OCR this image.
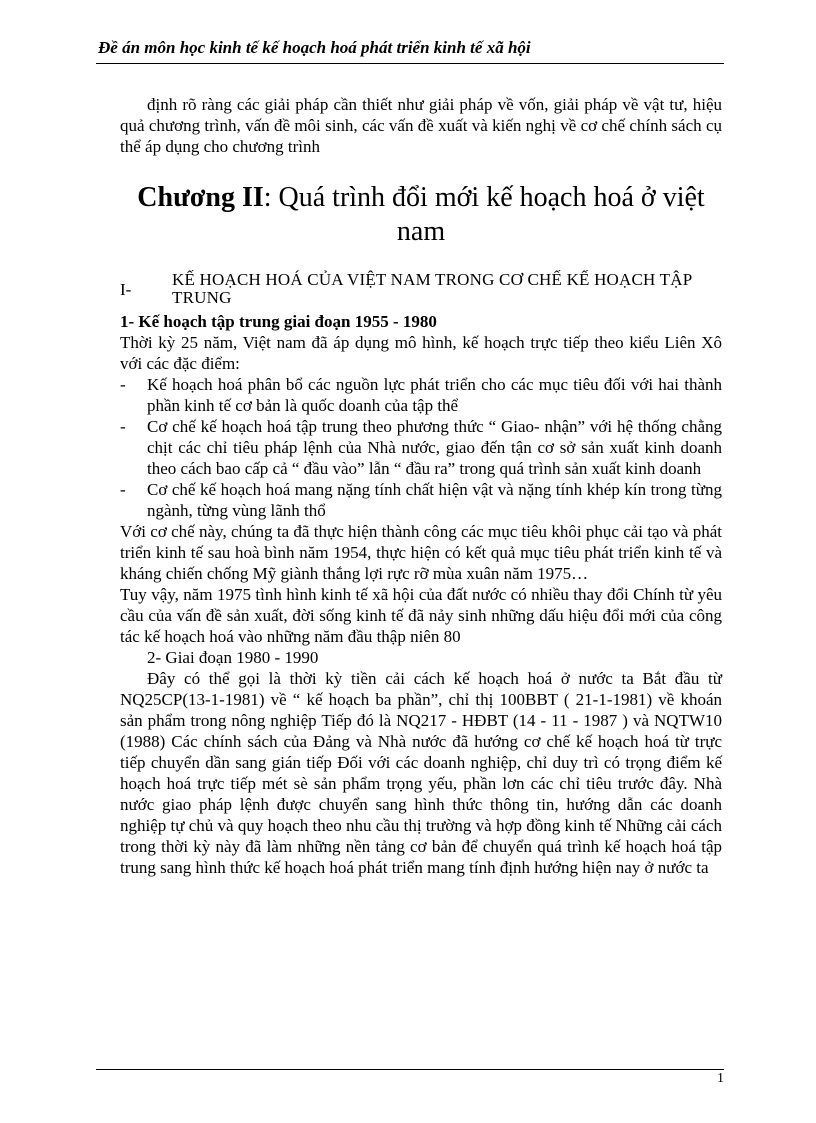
Đề án môn học kinh tế kế hoạch hoá phát triển kinh tế xã hội

định rõ ràng các giải pháp cần thiết như giải pháp về vốn, giải pháp về vật tư, hiệu quả chương trình, vấn đề môi sinh, các vấn đề xuất và kiến nghị về cơ chế chính sách cụ thể áp dụng cho chương trình

Chương II: Quá trình đổi mới kế hoạch hoá ở việt nam
I-
KẾ HOẠCH HOÁ CỦA VIỆT NAM TRONG CƠ CHẾ KẾ HOẠCH TẬP TRUNG
1- Kế hoạch tập trung giai đoạn 1955 - 1980

Thời kỳ 25 năm, Việt nam đã áp dụng mô hình, kế hoạch trực tiếp theo kiểu Liên Xô với các đặc điểm:

-	Kế hoạch hoá phân bổ các nguồn lực phát triển cho các mục tiêu đối với hai thành phần kinh tế cơ bản là quốc doanh của tập thể
-	Cơ chế kế hoạch hoá tập trung theo phương thức “ Giao- nhận” với hệ thống chằng chịt các chỉ tiêu pháp lệnh của Nhà nước, giao đến tận cơ sở sản xuất kinh doanh theo cách bao cấp cả “ đầu vào” lẫn “ đầu ra” trong quá trình sản xuất kinh doanh
-	Cơ chế kế hoạch hoá mang nặng tính chất hiện vật và nặng tính khép kín trong từng ngành, từng vùng lãnh thổ

Với cơ chế này, chúng ta đã thực hiện thành công các mục tiêu khôi phục cải tạo và phát triển kinh tế sau hoà bình năm 1954, thực hiện có kết quả mục tiêu phát triển kinh tế và kháng chiến chống Mỹ giành thắng lợi rực rỡ mùa xuân năm 1975…

Tuy vậy, năm 1975 tình hình kinh tế xã hội của đất nước có nhiều thay đổi Chính từ yêu cầu của vấn đề sản xuất, đời sống kinh tế đã nảy sinh những dấu hiệu đổi mới của công tác kế hoạch hoá vào những năm đầu thập niên 80

2- Giai đoạn 1980 - 1990

Đây có thể gọi là thời kỳ tiền cải cách kế hoạch hoá ở nước ta Bắt đầu từ NQ25CP(13-1-1981) về “ kế hoạch ba phần”, chỉ thị 100BBT ( 21-1-1981) về khoán sản phẩm trong nông nghiệp Tiếp đó là NQ217 - HĐBT (14 - 11 - 1987 ) và NQTW10 (1988) Các chính sách của Đảng và Nhà nước đã hướng cơ chế kế hoạch hoá từ trực tiếp chuyển dần sang gián tiếp Đối với các doanh nghiệp, chỉ duy trì có trọng điểm kế hoạch hoá trực tiếp mét sè sản phẩm trọng yếu, phần lơn các chỉ tiêu trước đây. Nhà nước giao pháp lệnh được chuyển sang hình thức thông tin, hướng dẫn các doanh nghiệp tự chủ và quy hoạch theo nhu cầu thị trường và hợp đồng kinh tế Những cải cách trong thời kỳ này đã làm những nền tảng cơ bản để chuyển quá trình kế hoạch hoá tập trung sang hình thức kế hoạch hoá phát triển mang tính định hướng hiện nay ở nước ta

1
